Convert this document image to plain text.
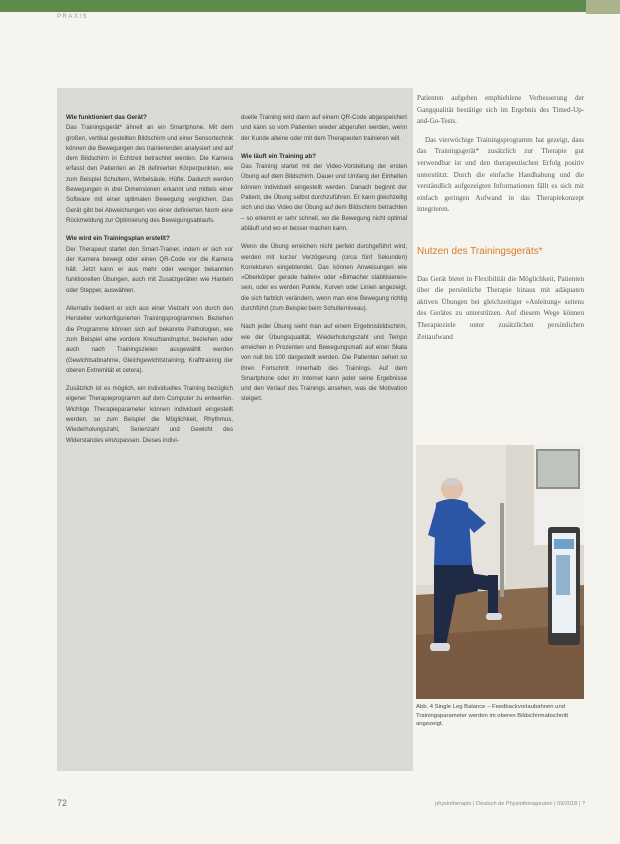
PRAXIS
Wie funktioniert das Gerät?

Das Trainingsgerät* ähnelt an ein Smartphone. Mit dem großen, vertikal gestellten Bildschirm und einer Sensortechnik können die Bewegungen des trainierenden analysiert und auf dem Bildschirm in Echtzeit betrachtet werden. Die Kamera erfasst den Patienten an 26 definierten Körperpunkten, wie zum Beispiel Schultern, Wirbelsäule, Hüfte. Dadurch werden Bewegungen in drei Dimensionen erkannt und mittels einer Software mit einer optimalen Bewegung verglichen. Das Gerät gibt bei Abweichungen von einer definierten Norm eine Rückmeldung zur Optimierung des Bewegungsablaufs.

Wie wird ein Trainingsplan erstellt?

Der Therapeut startet den Smart-Trainer, indem er sich vor der Kamera bewegt oder einen QR-Code vor die Kamera hält. Jetzt kann er aus mehr oder weniger bekannten funktionellen Übungen, auch mit Zusatzgeräten wie Hanteln oder Stepper, auswählen.

Alternativ bedient er sich aus einer Vielzahl von durch den Hersteller vorkonfigurierten Trainingsprogrammen. Beziehen die Programme können sich auf bekannte Pathologien, wie zum Beispiel eine vordere Kreuzbandruptur, beziehen oder auch nach Trainingszielen ausgewählt werden (Gewichtsabnahme, Gleichgewichtstraining, Krafttraining der oberen Extremität et cetera).

Zusätzlich ist es möglich, ein individuelles Training bezüglich eigener Therapieprogramm auf dem Computer zu entwerfen. Wichtige Therapieparameter können individuell eingestellt werden, so zum Beispiel die Möglichkeit, Rhythmus, Wiederholungszahl, Serienzahl und Gewicht des Widerstandes einzupassen. Dieses indivi-

duelle Training wird dann auf einem QR-Code abgespeichert und kann so vom Patienten wieder abgerufen werden, wenn der Kunde alleine oder mit dem Therapeuten trainieren will.

Wie läuft ein Training ab?

Das Training startet mit der Video-Vorstellung der ersten Übung auf dem Bildschirm. Dauer und Umfang der Einheiten können individuell eingestellt werden. Danach beginnt der Patient, die Übung selbst durchzuführen. Er kann gleichzeitig sich und das Video der Übung auf dem Bildschirm betrachten – so erkennt er sehr schnell, wo die Bewegung nicht optimal abläuft und wo er besser machen kann.

Wenn die Übung erreichen nicht perfekt durchgeführt wird, werden mit kurzer Verzögerung (circa fünf Sekunden) Korrekturen eingeblendet. Das können Anweisungen wie »Oberkörper gerade halten« oder »Bimacher stabilisieren« sein, oder es werden Punkte, Kurven oder Linien angezeigt, die sich farblich verändern, wenn man eine Bewegung richtig durchführt (zum Beispiel beim Schulterniveau).

Nach jeder Übung sieht man auf einem Ergebnisbildschirm, wie der Übungsqualität, Wiederholungszahl und Tempo erreichen in Prozenten und Bewegungsmaß auf einer Skala von null bis 100 dargestellt werden. Die Patienten sehen so ihren Fortschritt innerhalb des Trainings. Auf dem Smartphone oder im Internet kann jeder seine Ergebnisse und den Verlauf des Trainings ansehen, was die Motivation steigert.

Patienten aufgeben emphiehlene Verbesserung der Gangqualität bestätige sich im Ergebnis des Timed-Up-and-Go-Tests.

Das vierwöchige Trainingsprogramm hat gezeigt, dass das Trainingsgerät* zusätzlich zur Therapie gut verwendbar ist und den therapeutischen Erfolg positiv unterstützt. Durch die einfache Handhabung und die verständlich aufgezeigten Informationen fällt es sich mit einfach geringen Aufwand in das Therapiekonzept integrieren.

Nutzen des Trainingsgeräts*

Das Gerät bietet in Flexibilität die Möglichkeit, Patienten über die persönliche Therapie hinaus mit adäquaten aktiven Übungen bei gleichzeitiger »Anleitung« seitens des Gerätes zu unterstützen. Auf diesem Wege können Therapieziele unter zusätzlichen persönlichen Zeitaufwand

Abb. 4 Single Leg Balance – Feedbackvorlaubahnen und Trainingsparameter werden im oberen Bildschirmabschnitt angezeigt.
72	physiotherapie | Deutsch de Physiotherapeuten | 09/2018 | ?
